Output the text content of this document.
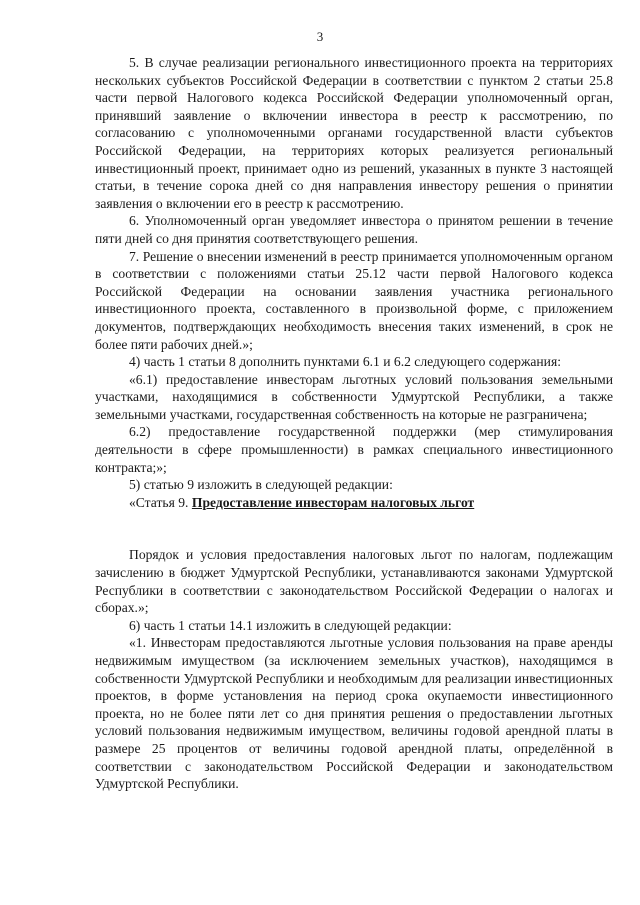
3

5. В случае реализации регионального инвестиционного проекта на территориях нескольких субъектов Российской Федерации в соответствии с пунктом 2 статьи 25.8 части первой Налогового кодекса Российской Федерации уполномоченный орган, принявший заявление о включении инвестора в реестр к рассмотрению, по согласованию с уполномоченными органами государственной власти субъектов Российской Федерации, на территориях которых реализуется региональный инвестиционный проект, принимает одно из решений, указанных в пункте 3 настоящей статьи, в течение сорока дней со дня направления инвестору решения о принятии заявления о включении его в реестр к рассмотрению.

6. Уполномоченный орган уведомляет инвестора о принятом решении в течение пяти дней со дня принятия соответствующего решения.

7. Решение о внесении изменений в реестр принимается уполномоченным органом в соответствии с положениями статьи 25.12 части первой Налогового кодекса Российской Федерации на основании заявления участника регионального инвестиционного проекта, составленного в произвольной форме, с приложением документов, подтверждающих необходимость внесения таких изменений, в срок не более пяти рабочих дней.»;

4) часть 1 статьи 8 дополнить пунктами 6.1 и 6.2 следующего содержания:

«6.1) предоставление инвесторам льготных условий пользования земельными участками, находящимися в собственности Удмуртской Республики, а также земельными участками, государственная собственность на которые не разграничена;

6.2) предоставление государственной поддержки (мер стимулирования деятельности в сфере промышленности) в рамках специального инвестиционного контракта;»;

5) статью 9 изложить в следующей редакции:

«Статья 9. Предоставление инвесторам налоговых льгот

Порядок и условия предоставления налоговых льгот по налогам, подлежащим зачислению в бюджет Удмуртской Республики, устанавливаются законами Удмуртской Республики в соответствии с законодательством Российской Федерации о налогах и сборах.»;

6) часть 1 статьи 14.1 изложить в следующей редакции:

«1. Инвесторам предоставляются льготные условия пользования на праве аренды недвижимым имуществом (за исключением земельных участков), находящимся в собственности Удмуртской Республики и необходимым для реализации инвестиционных проектов, в форме установления на период срока окупаемости инвестиционного проекта, но не более пяти лет со дня принятия решения о предоставлении льготных условий пользования недвижимым имуществом, величины годовой арендной платы в размере 25 процентов от величины годовой арендной платы, определённой в соответствии с законодательством Российской Федерации и законодательством Удмуртской Республики.
